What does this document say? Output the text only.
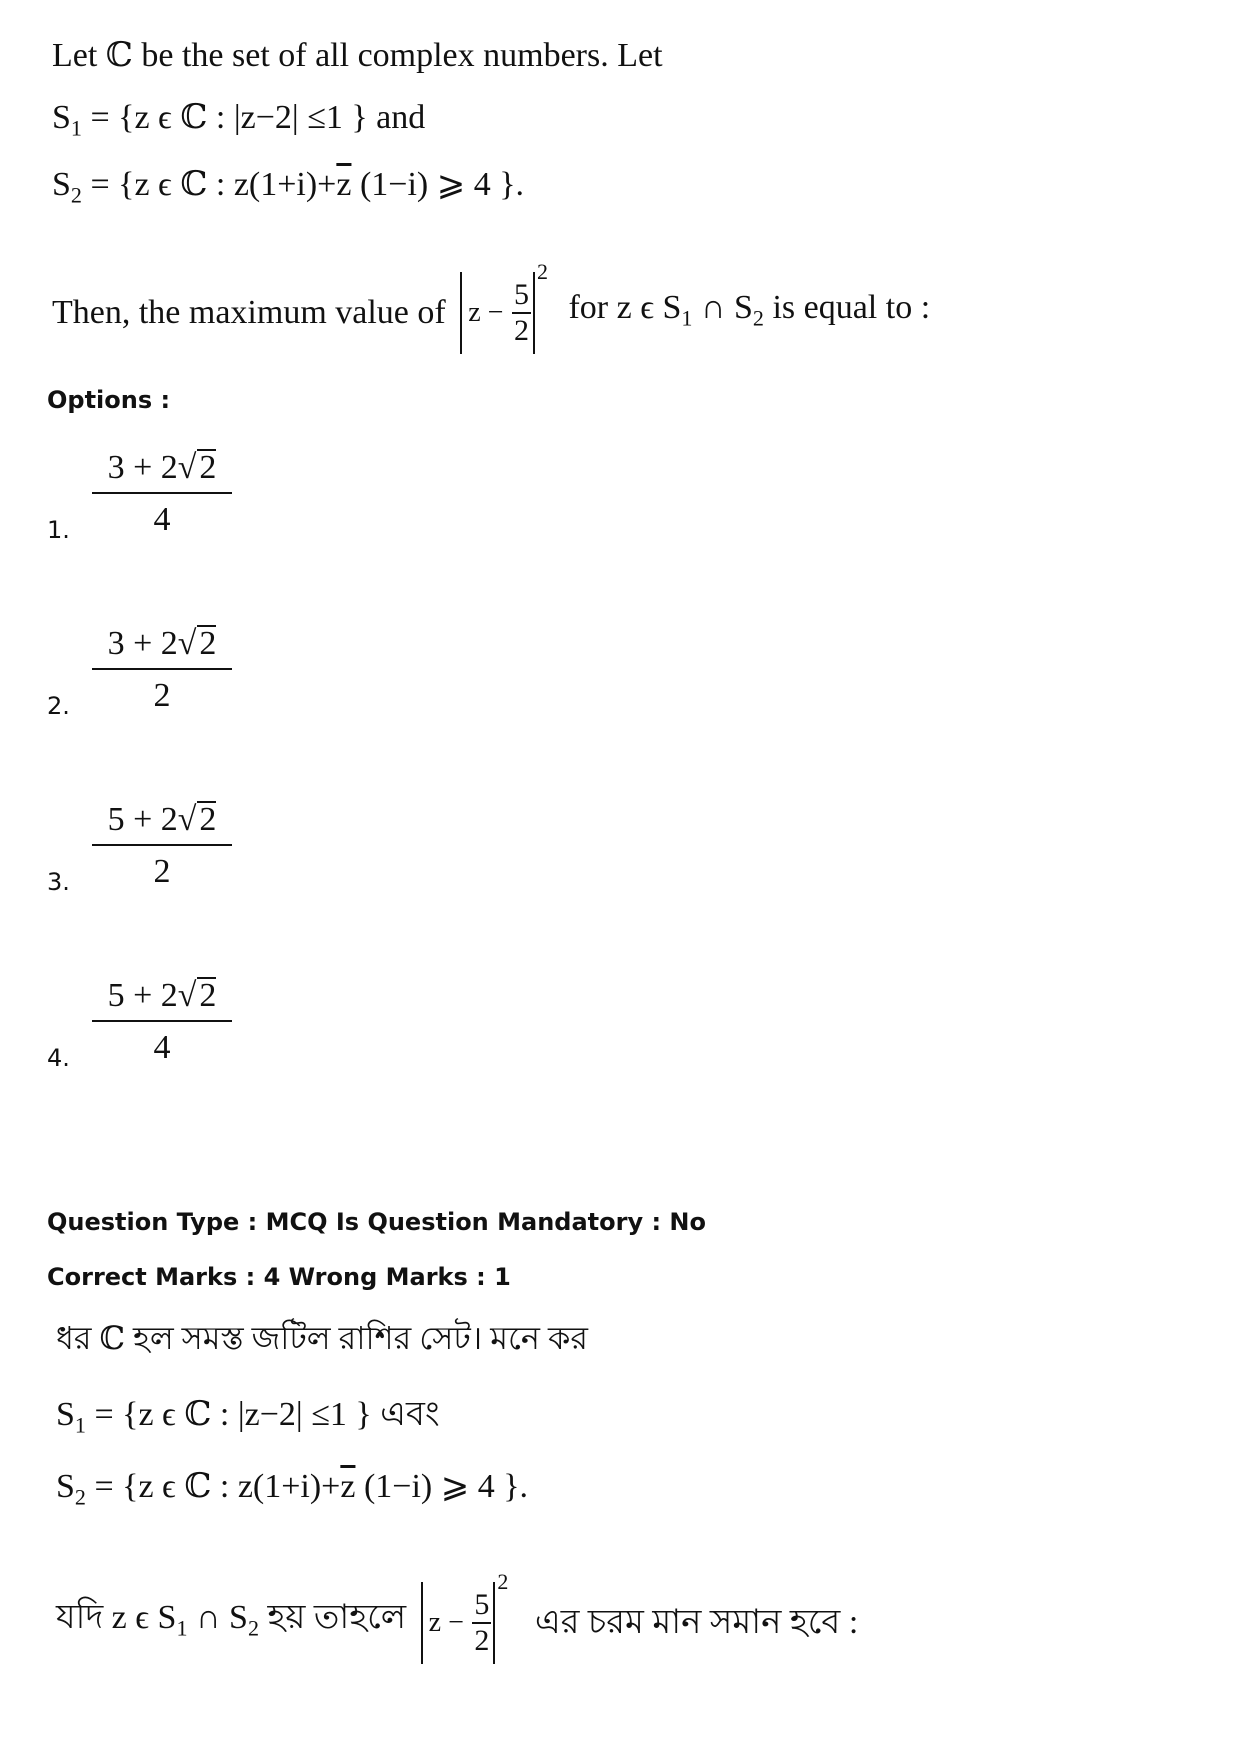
Let ℂ be the set of all complex numbers. Let
$S_1 = \{z$ ϵ ℂ : |z−2| ≤1 } and
$S_2 = \{z$ ϵ ℂ : $z(1+i)+\overline{z}$ (1−i) ⩾ 4 }.
Then, the maximum value of $z - \frac{5}{2}$
$^2$ for z ϵ $S_1$ ∩ $S_2$ is equal to :
Options :
1.
3 + 2√2
4
2.
3 + 2√2
2
3.
5 + 2√2
2
4.
5 + 2√2
4
Question Type : MCQ Is Question Mandatory : No
Correct Marks : 4 Wrong Marks : 1
ধর ℂ হল সমস্ত জটিল রাশির সেট। মনে কর
$S_1 = \{z$ ϵ ℂ : |z−2| ≤1 } এবং
$S_2 = \{z$ ϵ ℂ : $z(1+i)+\overline{z}$ (1−i) ⩾ 4 }.
যদি z ϵ $S_1$ ∩ $S_2$ হয় তাহলে $z - \frac{5}{2}$
$^2$ এর চরম মান সমান হবে :
